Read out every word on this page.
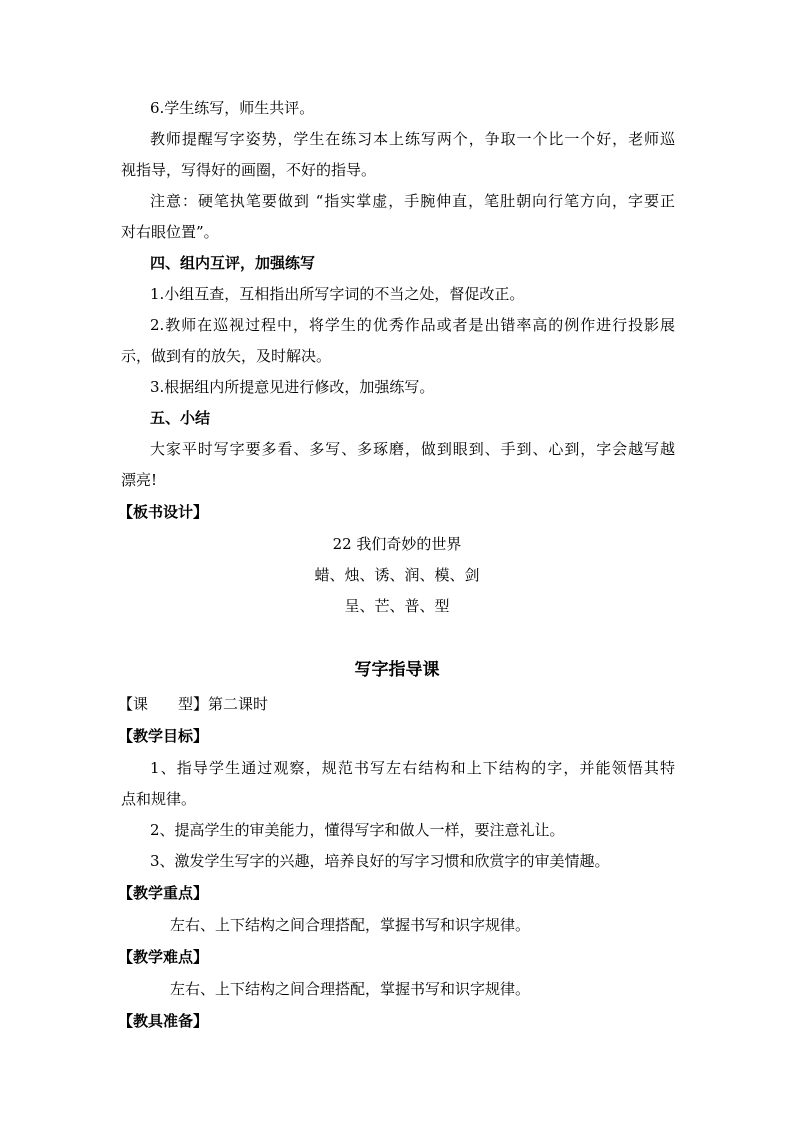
6.学生练写，师生共评。
教师提醒写字姿势，学生在练习本上练写两个，争取一个比一个好，老师巡
视指导，写得好的画圈，不好的指导。
注意：硬笔执笔要做到 “指实掌虚，手腕伸直，笔肚朝向行笔方向，字要正
对右眼位置”。
四、组内互评，加强练写
1.小组互查，互相指出所写字词的不当之处，督促改正。
2.教师在巡视过程中，将学生的优秀作品或者是出错率高的例作进行投影展
示，做到有的放矢，及时解决。
3.根据组内所提意见进行修改，加强练写。
五、小结
大家平时写字要多看、多写、多琢磨，做到眼到、手到、心到，字会越写越
漂亮!
【板书设计】
22 我们奇妙的世界
蜡、烛、诱、润、模、剑
呈、芒、普、型
写字指导课
【课　　型】第二课时
【教学目标】
1、指导学生通过观察，规范书写左右结构和上下结构的字，并能领悟其特
点和规律。
2、提高学生的审美能力，懂得写字和做人一样，要注意礼让。
3、激发学生写字的兴趣，培养良好的写字习惯和欣赏字的审美情趣。
【教学重点】
左右、上下结构之间合理搭配，掌握书写和识字规律。
【教学难点】
左右、上下结构之间合理搭配，掌握书写和识字规律。
【教具准备】
